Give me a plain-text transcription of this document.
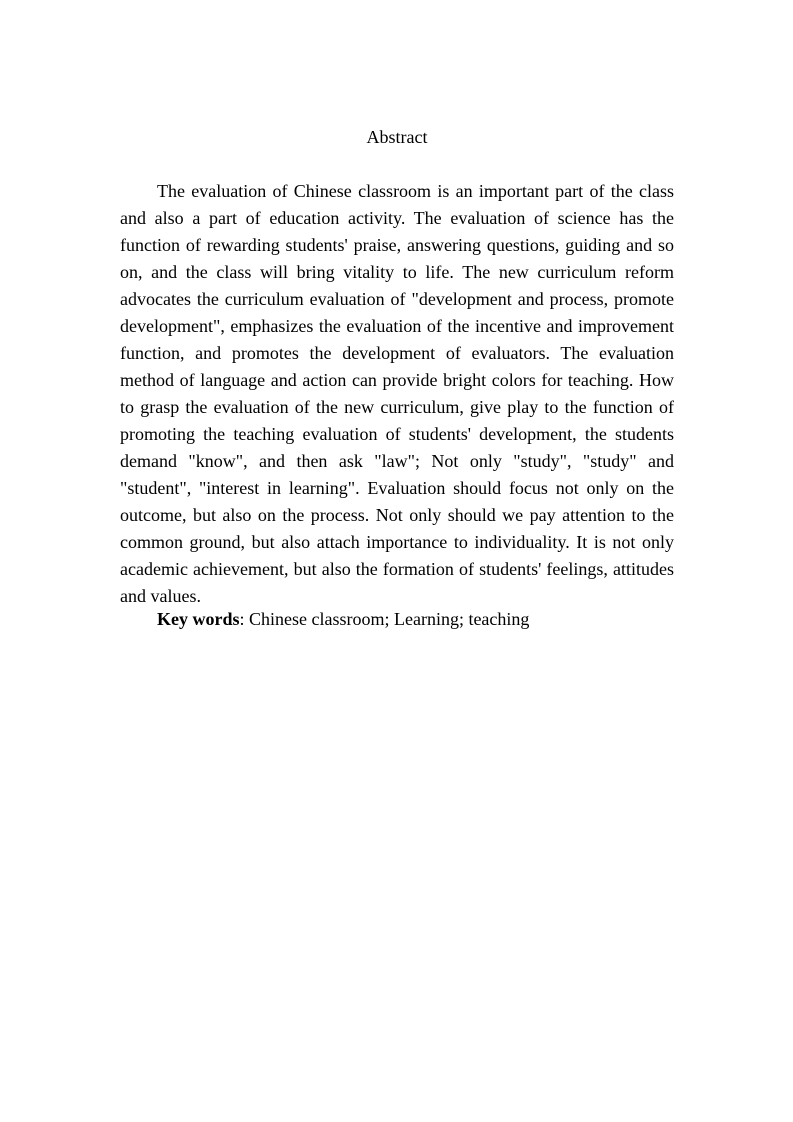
Abstract

The evaluation of Chinese classroom is an important part of the class and also a part of education activity. The evaluation of science has the function of rewarding students' praise, answering questions, guiding and so on, and the class will bring vitality to life. The new curriculum reform advocates the curriculum evaluation of "development and process, promote development", emphasizes the evaluation of the incentive and improvement function, and promotes the development of evaluators. The evaluation method of language and action can provide bright colors for teaching. How to grasp the evaluation of the new curriculum, give play to the function of promoting the teaching evaluation of students' development, the students demand "know", and then ask "law"; Not only "study", "study" and "student", "interest in learning". Evaluation should focus not only on the outcome, but also on the process. Not only should we pay attention to the common ground, but also attach importance to individuality. It is not only academic achievement, but also the formation of students' feelings, attitudes and values.

Key words: Chinese classroom; Learning; teaching
